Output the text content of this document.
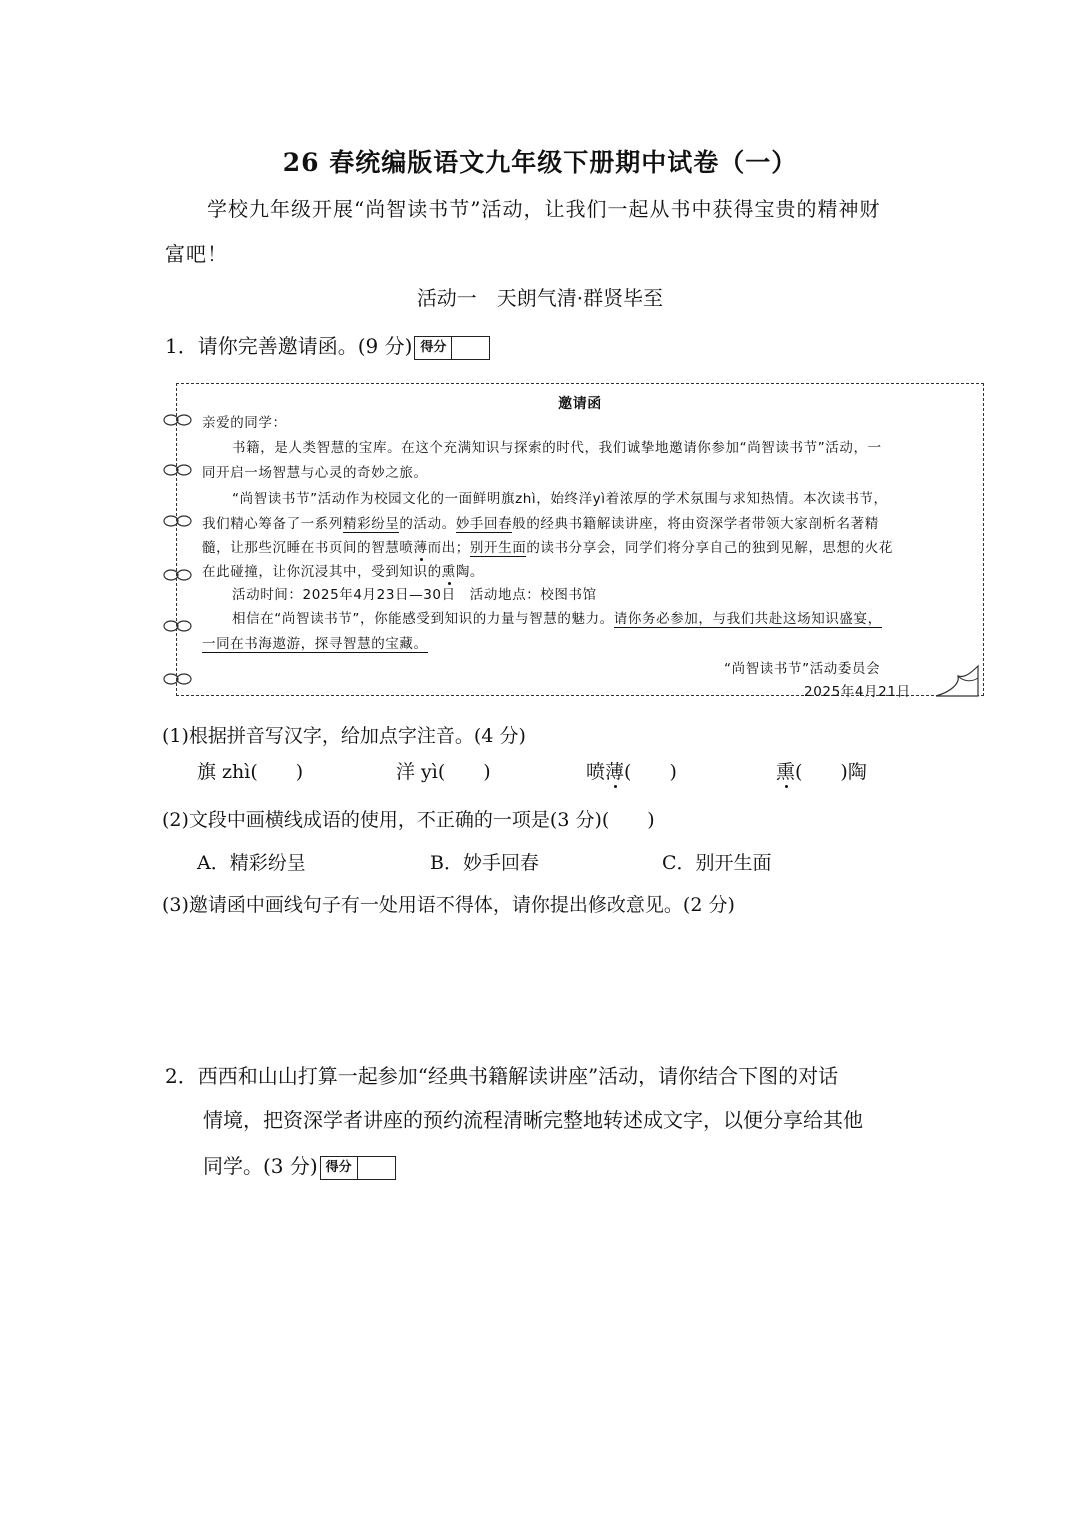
26 春统编版语文九年级下册期中试卷（一）
学校九年级开展“尚智读书节”活动，让我们一起从书中获得宝贵的精神财
富吧！
活动一　天朗气清·群贤毕至
1．请你完善邀请函。(9 分) 得分
邀请函
亲爱的同学：
书籍，是人类智慧的宝库。在这个充满知识与探索的时代，我们诚挚地邀请你参加“尚智读书节”活动，一
同开启一场智慧与心灵的奇妙之旅。
“尚智读书节”活动作为校园文化的一面鲜明旗zhì，始终洋yì着浓厚的学术氛围与求知热情。本次读书节，
我们精心筹备了一系列精彩纷呈的活动。妙手回春般的经典书籍解读讲座，将由资深学者带领大家剖析名著精
髓，让那些沉睡在书页间的智慧喷薄而出；别开生面的读书分享会，同学们将分享自己的独到见解，思想的火花
在此碰撞，让你沉浸其中，受到知识的熏陶。
活动时间：2025年4月23日—30日　活动地点：校图书馆
相信在“尚智读书节”，你能感受到知识的力量与智慧的魅力。请你务必参加，与我们共赴这场知识盛宴，
一同在书海遨游，探寻智慧的宝藏。
“尚智读书节”活动委员会
2025年4月21日
(1)根据拼音写汉字，给加点字注音。(4 分)
旗 zhì(　　)	洋 yì(　　)	喷薄(　　)	熏(　　)陶
(2)文段中画横线成语的使用，不正确的一项是(3 分)(　　)
A．精彩纷呈	B．妙手回春	C．别开生面
(3)邀请函中画线句子有一处用语不得体，请你提出修改意见。(2 分)
2．西西和山山打算一起参加“经典书籍解读讲座”活动，请你结合下图的对话
情境，把资深学者讲座的预约流程清晰完整地转述成文字，以便分享给其他
同学。(3 分) 得分
